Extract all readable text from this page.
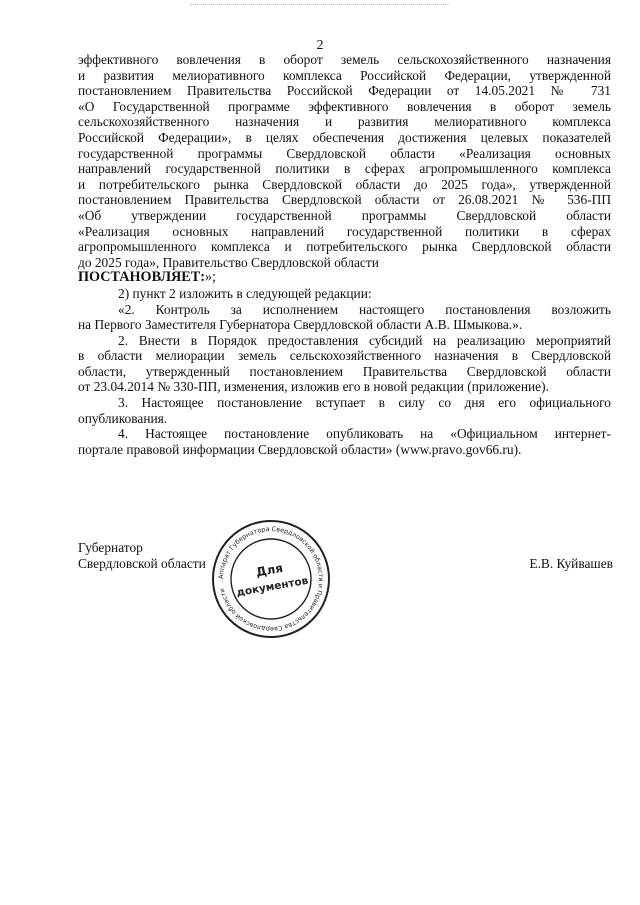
2

эффективного вовлечения в оборот земель сельскохозяйственного назначения

и развития мелиоративного комплекса Российской Федерации, утвержденной

постановлением Правительства Российской Федерации от 14.05.2021 № 731

«О Государственной программе эффективного вовлечения в оборот земель

сельскохозяйственного назначения и развития мелиоративного комплекса

Российской Федерации», в целях обеспечения достижения целевых показателей

государственной программы Свердловской области «Реализация основных

направлений государственной политики в сферах агропромышленного комплекса

и потребительского рынка Свердловской области до 2025 года», утвержденной

постановлением Правительства Свердловской области от 26.08.2021 № 536-ПП

«Об утверждении государственной программы Свердловской области

«Реализация основных направлений государственной политики в сферах

агропромышленного комплекса и потребительского рынка Свердловской области

до 2025 года», Правительство Свердловской области

ПОСТАНОВЛЯЕТ:»;

2) пункт 2 изложить в следующей редакции:

«2. Контроль за исполнением настоящего постановления возложить

на Первого Заместителя Губернатора Свердловской области А.В. Шмыкова.».

2. Внести в Порядок предоставления субсидий на реализацию мероприятий

в области мелиорации земель сельскохозяйственного назначения в Свердловской

области, утвержденный постановлением Правительства Свердловской области

от 23.04.2014 № 330-ПП, изменения, изложив его в новой редакции (приложение).

3. Настоящее постановление вступает в силу со дня его официального

опубликования.

4. Настоящее постановление опубликовать на «Официальном интернет-

портале правовой информации Свердловской области» (www.pravo.gov66.ru).

Губернатор
Свердловской области
Аппарат Губернатора Свердловской области и Правительства Свердловской области
Для
документов
Е.В. Куйвашев
